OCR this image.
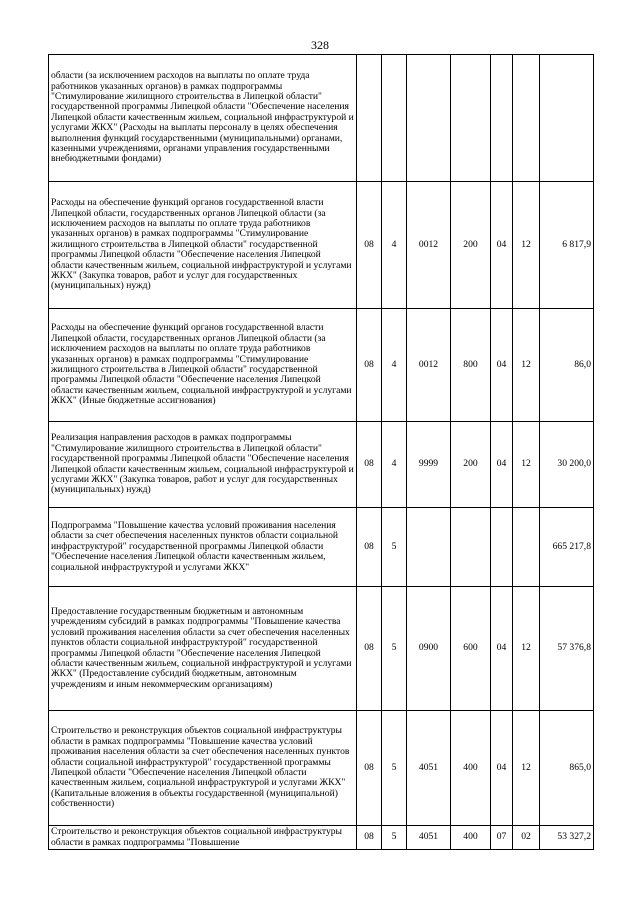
328
области (за исключением расходов на выплаты по оплате труда работников указанных органов) в рамках подпрограммы "Стимулирование жилищного строительства в Липецкой области" государственной программы Липецкой области "Обеспечение населения Липецкой области качественным жильем, социальной инфраструктурой и услугами ЖКХ" (Расходы на выплаты персоналу в целях обеспечения выполнения функций государственными (муниципальными) органами, казенными учреждениями, органами управления государственными внебюджетными фондами)							
Расходы на обеспечение функций органов государственной власти Липецкой области, государственных органов Липецкой области (за исключением расходов на выплаты по оплате труда работников указанных органов) в рамках подпрограммы "Стимулирование жилищного строительства в Липецкой области" государственной программы Липецкой области "Обеспечение населения Липецкой области качественным жильем, социальной инфраструктурой и услугами ЖКХ" (Закупка товаров, работ и услуг для государственных (муниципальных) нужд)	08	4	0012	200	04	12	6 817,9
Расходы на обеспечение функций органов государственной власти Липецкой области, государственных органов Липецкой области (за исключением расходов на выплаты по оплате труда работников указанных органов) в рамках подпрограммы "Стимулирование жилищного строительства в Липецкой области" государственной программы Липецкой области "Обеспечение населения Липецкой области качественным жильем, социальной инфраструктурой и услугами ЖКХ" (Иные бюджетные ассигнования)	08	4	0012	800	04	12	86,0
Реализация направления расходов в рамках подпрограммы "Стимулирование жилищного строительства в Липецкой области" государственной программы Липецкой области "Обеспечение населения Липецкой области качественным жильем, социальной инфраструктурой и услугами ЖКХ" (Закупка товаров, работ и услуг для государственных (муниципальных) нужд)	08	4	9999	200	04	12	30 200,0
Подпрограмма "Повышение качества условий проживания населения области за счет обеспечения населенных пунктов области социальной инфраструктурой" государственной программы Липецкой области "Обеспечение населения Липецкой области качественным жильем, социальной инфраструктурой и услугами ЖКХ"	08	5					665 217,8
Предоставление государственным бюджетным и автономным учреждениям субсидий в рамках подпрограммы "Повышение качества условий проживания населения области за счет обеспечения населенных пунктов области социальной инфраструктурой" государственной программы Липецкой области "Обеспечение населения Липецкой области качественным жильем, социальной инфраструктурой и услугами ЖКХ" (Предоставление субсидий бюджетным, автономным учреждениям и иным некоммерческим организациям)	08	5	0900	600	04	12	57 376,8
Строительство и реконструкция объектов социальной инфраструктуры области в рамках подпрограммы "Повышение качества условий проживания населения области за счет обеспечения населенных пунктов области социальной инфраструктурой" государственной программы Липецкой области "Обеспечение населения Липецкой области качественным жильем, социальной инфраструктурой и услугами ЖКХ" (Капитальные вложения в объекты государственной (муниципальной) собственности)	08	5	4051	400	04	12	865,0
Строительство и реконструкция объектов социальной инфраструктуры области в рамках подпрограммы "Повышение	08	5	4051	400	07	02	53 327,2
